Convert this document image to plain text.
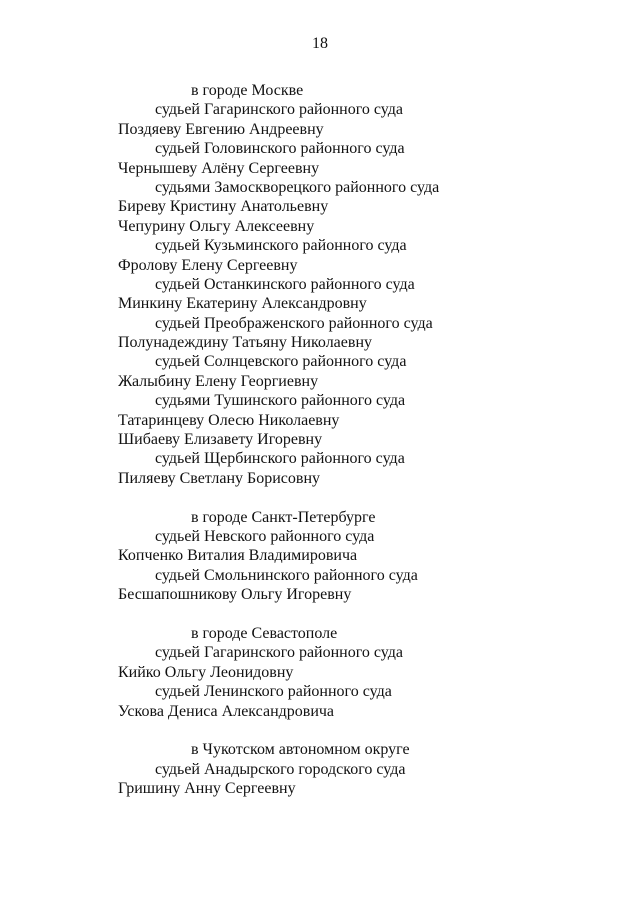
18
в городе Москве
судьей Гагаринского районного суда
Поздяеву Евгению Андреевну
судьей Головинского районного суда
Чернышеву Алёну Сергеевну
судьями Замоскворецкого районного суда
Биреву Кристину Анатольевну
Чепурину Ольгу Алексеевну
судьей Кузьминского районного суда
Фролову Елену Сергеевну
судьей Останкинского районного суда
Минкину Екатерину Александровну
судьей Преображенского районного суда
Полунадеждину Татьяну Николаевну
судьей Солнцевского районного суда
Жалыбину Елену Георгиевну
судьями Тушинского районного суда
Татаринцеву Олесю Николаевну
Шибаеву Елизавету Игоревну
судьей Щербинского районного суда
Пиляеву Светлану Борисовну
в городе Санкт-Петербурге
судьей Невского районного суда
Копченко Виталия Владимировича
судьей Смольнинского районного суда
Бесшапошникову Ольгу Игоревну
в городе Севастополе
судьей Гагаринского районного суда
Кийко Ольгу Леонидовну
судьей Ленинского районного суда
Ускова Дениса Александровича
в Чукотском автономном округе
судьей Анадырского городского суда
Гришину Анну Сергеевну
